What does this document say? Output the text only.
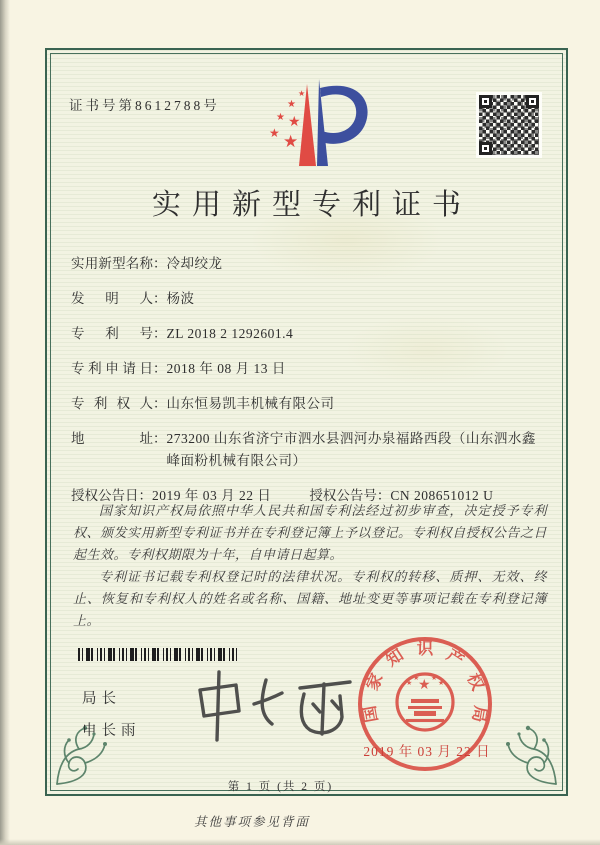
证书号第8612788号
★
★
★ ★
★ ★
实用新型专利证书
实用新型名称 ： 冷却绞龙
发明人 ： 杨波
专利号 ： ZL 2018 2 1292601.4
专利申请日 ： 2018 年 08 月 13 日
专利权人 ： 山东恒易凯丰机械有限公司
地址 ： 273200 山东省济宁市泗水县泗河办泉福路西段（山东泗水鑫峰面粉机械有限公司）
授权公告日 ：	2019 年 03 月 22 日	授权公告号 ：	CN 208651012 U

国家知识产权局依照中华人民共和国专利法经过初步审查，决定授予专利权、颁发实用新型专利证书并在专利登记簿上予以登记。专利权自授权公告之日起生效。专利权期限为十年，自申请日起算。

专利证书记载专利权登记时的法律状况。专利权的转移、质押、无效、终止、恢复和专利权人的姓名或名称、国籍、地址变更等事项记载在专利登记簿上。

局长
申长雨
国
家
知 识 产
权
局
★
★
★ ★
★
2019 年 03 月 22 日
第 1 页 (共 2 页)
其他事项参见背面
